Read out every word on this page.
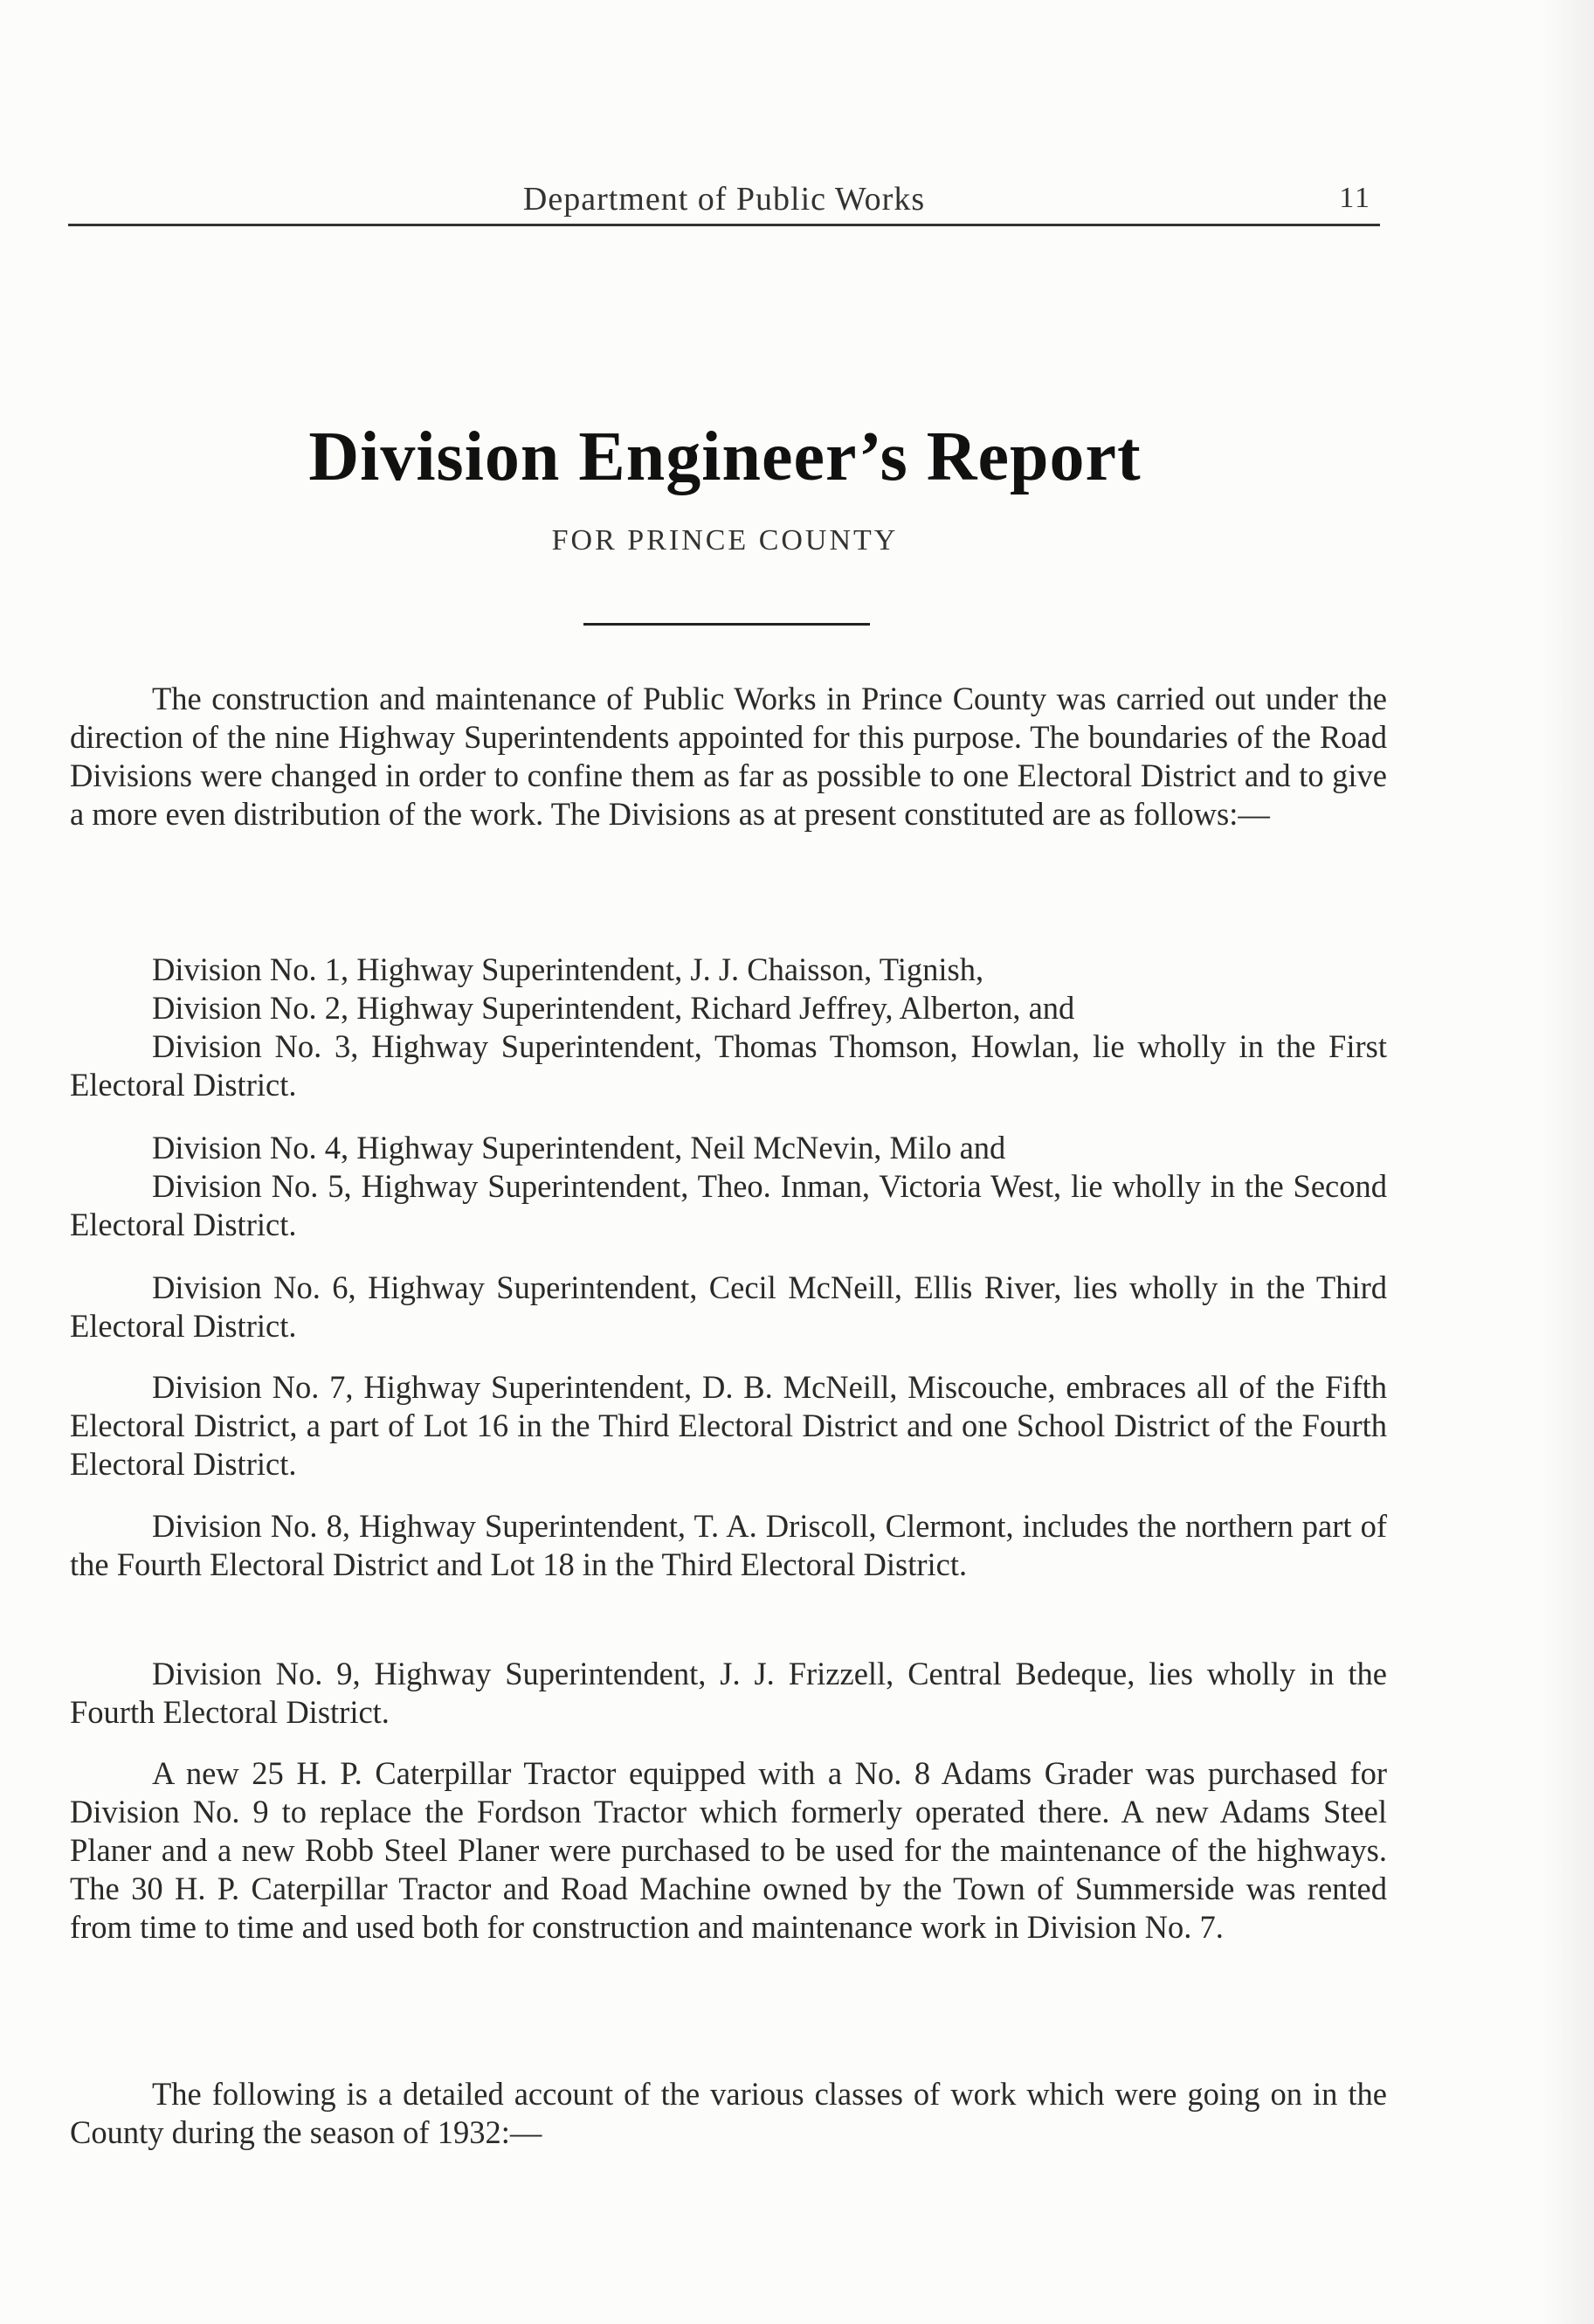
Department of Public Works	11
Division Engineer’s Report
FOR PRINCE COUNTY
The construction and maintenance of Public Works in Prince County was carried out under the direction of the nine Highway Superintendents appointed for this purpose. The boundaries of the Road Divisions were changed in order to confine them as far as possible to one Electoral District and to give a more even distribution of the work. The Divisions as at present constituted are as follows:—
Division No. 1, Highway Superintendent, J. J. Chaisson, Tignish,
Division No. 2, Highway Superintendent, Richard Jeffrey, Alberton, and
Division No. 3, Highway Superintendent, Thomas Thomson, Howlan, lie wholly in the First Electoral District.
Division No. 4, Highway Superintendent, Neil McNevin, Milo and
Division No. 5, Highway Superintendent, Theo. Inman, Victoria West, lie wholly in the Second Electoral District.
Division No. 6, Highway Superintendent, Cecil McNeill, Ellis River, lies wholly in the Third Electoral District.
Division No. 7, Highway Superintendent, D. B. McNeill, Miscouche, embraces all of the Fifth Electoral District, a part of Lot 16 in the Third Electoral District and one School District of the Fourth Electoral District.
Division No. 8, Highway Superintendent, T. A. Driscoll, Clermont, includes the northern part of the Fourth Electoral District and Lot 18 in the Third Electoral District.
Division No. 9, Highway Superintendent, J. J. Frizzell, Central Bedeque, lies wholly in the Fourth Electoral District.
A new 25 H. P. Caterpillar Tractor equipped with a No. 8 Adams Grader was purchased for Division No. 9 to replace the Fordson Tractor which formerly operated there. A new Adams Steel Planer and a new Robb Steel Planer were purchased to be used for the maintenance of the highways. The 30 H. P. Caterpillar Tractor and Road Machine owned by the Town of Summerside was rented from time to time and used both for construction and maintenance work in Division No. 7.
The following is a detailed account of the various classes of work which were going on in the County during the season of 1932:—
